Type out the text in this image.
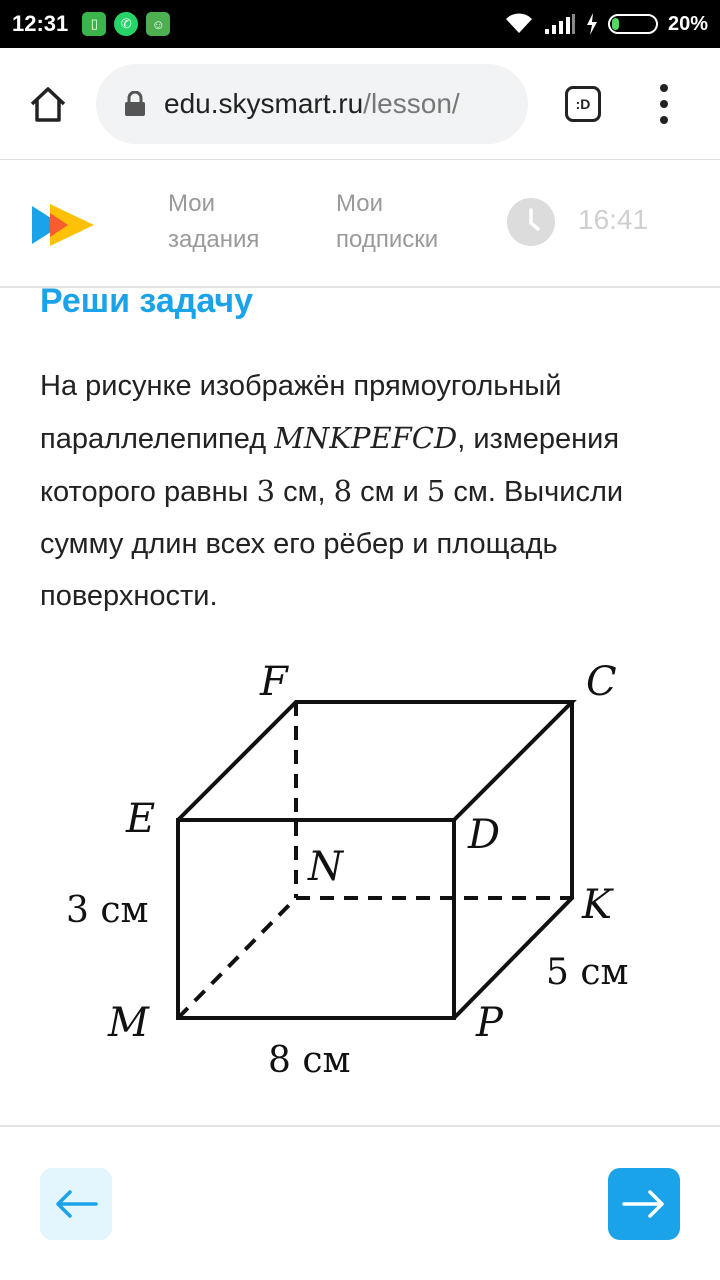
12:31	▯	✆	☺	20%
edu.skysmart.ru/lesson/	:D
Мои
задания
Мои
подписки
16:41
Реши задачу
На рисунке изображён прямоугольный параллелепипед MNKPEFCD, измерения которого равны 3 см, 8 см и 5 см. Вычисли сумму длин всех его рёбер и площадь поверхности.
F	C
E	D
N
K
M	P
3 см
5 см
8 см
